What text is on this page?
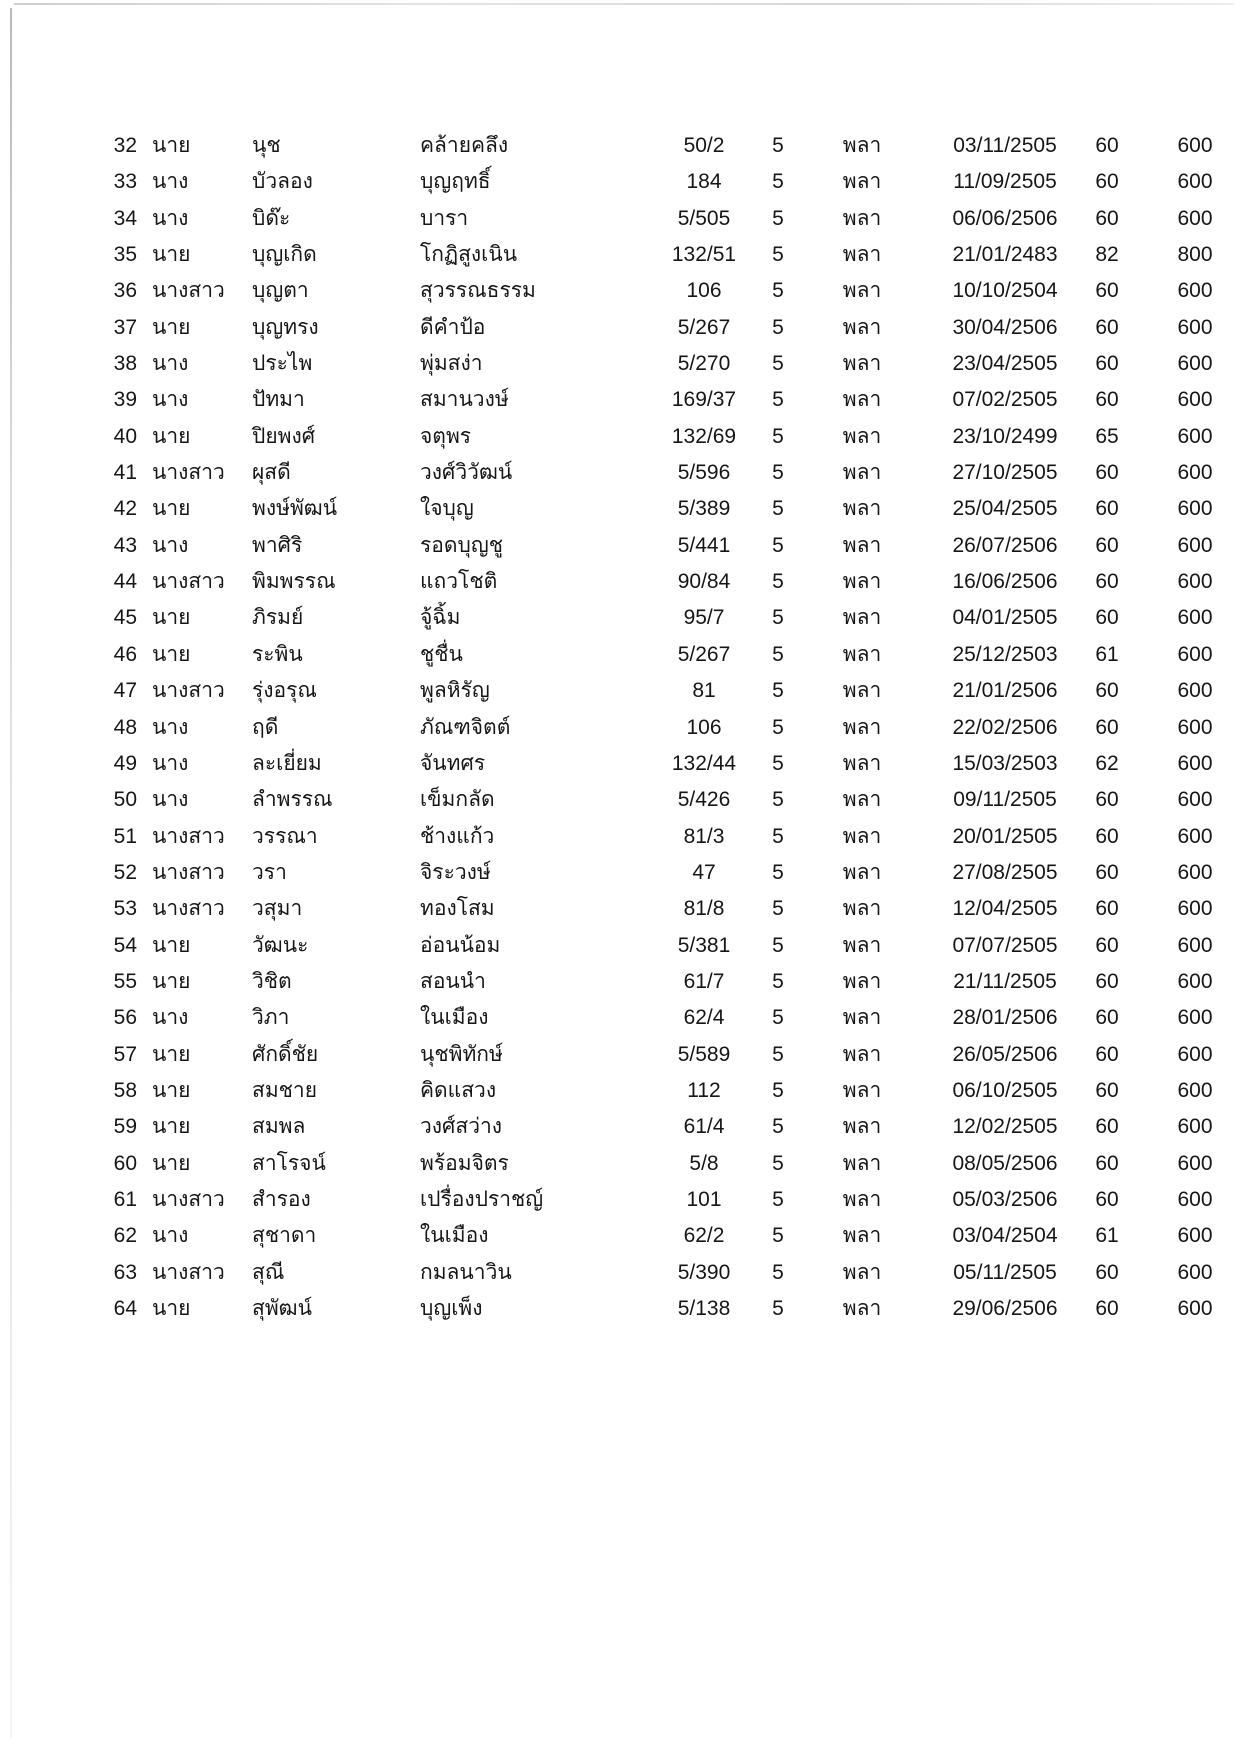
32 นาย	นุช	คล้ายคลึง	50/2	5	พลา	03/11/2505	60	600
33 นาง	บัวลอง	บุญฤทธิ์	184	5	พลา	11/09/2505	60	600
34 นาง	บิด๊ะ	บารา	5/505	5	พลา	06/06/2506	60	600
35 นาย	บุญเกิด	โกฏิสูงเนิน	132/51	5	พลา	21/01/2483	82	800
36 นางสาว	บุญตา	สุวรรณธรรม	106	5	พลา	10/10/2504	60	600
37 นาย	บุญทรง	ดีคำป้อ	5/267	5	พลา	30/04/2506	60	600
38 นาง	ประไพ	พุ่มสง่า	5/270	5	พลา	23/04/2505	60	600
39 นาง	ปัทมา	สมานวงษ์	169/37	5	พลา	07/02/2505	60	600
40 นาย	ปิยพงศ์	จตุพร	132/69	5	พลา	23/10/2499	65	600
41 นางสาว	ผุสดี	วงศ์วิวัฒน์	5/596	5	พลา	27/10/2505	60	600
42 นาย	พงษ์พัฒน์	ใจบุญ	5/389	5	พลา	25/04/2505	60	600
43 นาง	พาศิริ	รอดบุญชู	5/441	5	พลา	26/07/2506	60	600
44 นางสาว	พิมพรรณ	แถวโชติ	90/84	5	พลา	16/06/2506	60	600
45 นาย	ภิรมย์	จู้ฉิ้ม	95/7	5	พลา	04/01/2505	60	600
46 นาย	ระพิน	ชูชื่น	5/267	5	พลา	25/12/2503	61	600
47 นางสาว	รุ่งอรุณ	พูลหิรัญ	81	5	พลา	21/01/2506	60	600
48 นาง	ฤดี	ภัณฑจิตต์	106	5	พลา	22/02/2506	60	600
49 นาง	ละเยี่ยม	จันทศร	132/44	5	พลา	15/03/2503	62	600
50 นาง	ลำพรรณ	เข็มกลัด	5/426	5	พลา	09/11/2505	60	600
51 นางสาว	วรรณา	ช้างแก้ว	81/3	5	พลา	20/01/2505	60	600
52 นางสาว	วรา	จิระวงษ์	47	5	พลา	27/08/2505	60	600
53 นางสาว	วสุมา	ทองโสม	81/8	5	พลา	12/04/2505	60	600
54 นาย	วัฒนะ	อ่อนน้อม	5/381	5	พลา	07/07/2505	60	600
55 นาย	วิชิต	สอนนำ	61/7	5	พลา	21/11/2505	60	600
56 นาง	วิภา	ในเมือง	62/4	5	พลา	28/01/2506	60	600
57 นาย	ศักดิ์ชัย	นุชพิทักษ์	5/589	5	พลา	26/05/2506	60	600
58 นาย	สมชาย	คิดแสวง	112	5	พลา	06/10/2505	60	600
59 นาย	สมพล	วงศ์สว่าง	61/4	5	พลา	12/02/2505	60	600
60 นาย	สาโรจน์	พร้อมจิตร	5/8	5	พลา	08/05/2506	60	600
61 นางสาว	สำรอง	เปรื่องปราชญ์	101	5	พลา	05/03/2506	60	600
62 นาง	สุชาดา	ในเมือง	62/2	5	พลา	03/04/2504	61	600
63 นางสาว	สุณี	กมลนาวิน	5/390	5	พลา	05/11/2505	60	600
64 นาย	สุพัฒน์	บุญเพ็ง	5/138	5	พลา	29/06/2506	60	600
